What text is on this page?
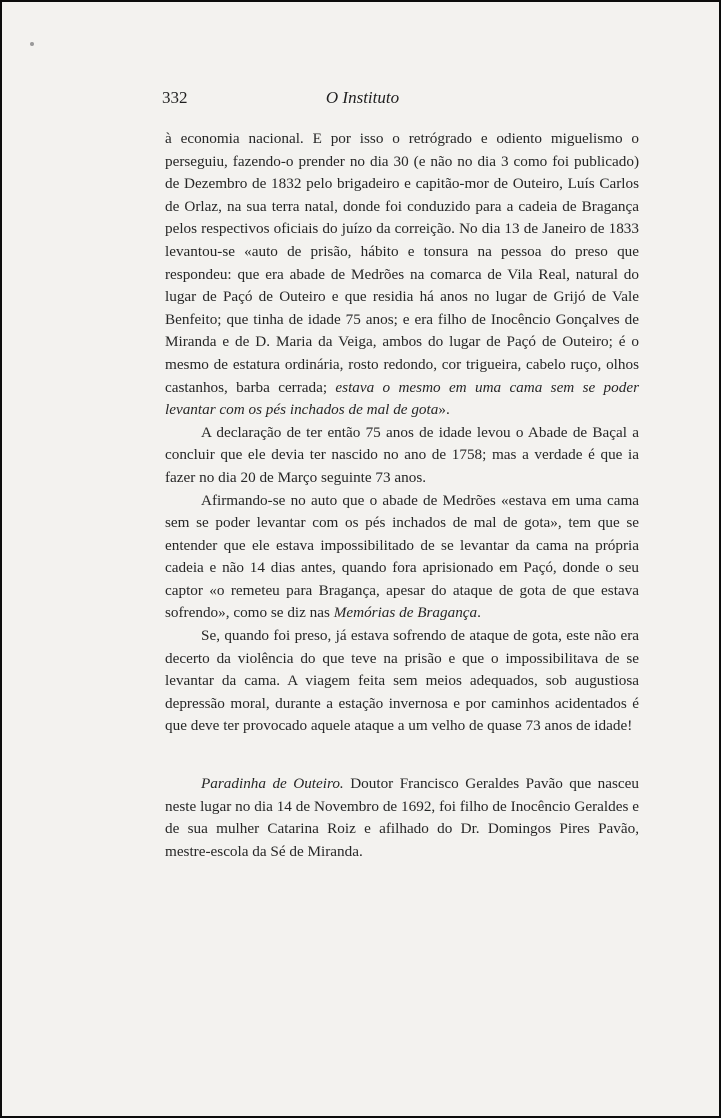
332	O Instituto

à economia nacional. E por isso o retrógrado e odiento miguelismo o perseguiu, fazendo-o prender no dia 30 (e não no dia 3 como foi publicado) de Dezembro de 1832 pelo brigadeiro e capitão-mor de Outeiro, Luís Carlos de Orlaz, na sua terra natal, donde foi conduzido para a cadeia de Bragança pelos respectivos oficiais do juízo da correição. No dia 13 de Janeiro de 1833 levantou-se «auto de prisão, hábito e tonsura na pessoa do preso que respondeu: que era abade de Medrões na comarca de Vila Real, natural do lugar de Paçó de Outeiro e que residia há anos no lugar de Grijó de Vale Benfeito; que tinha de idade 75 anos; e era filho de Inocêncio Gonçalves de Miranda e de D. Maria da Veiga, ambos do lugar de Paçó de Outeiro; é o mesmo de estatura ordinária, rosto redondo, cor trigueira, cabelo ruço, olhos castanhos, barba cerrada; estava o mesmo em uma cama sem se poder levantar com os pés inchados de mal de gota».

A declaração de ter então 75 anos de idade levou o Abade de Baçal a concluir que ele devia ter nascido no ano de 1758; mas a verdade é que ia fazer no dia 20 de Março seguinte 73 anos.

Afirmando-se no auto que o abade de Medrões «estava em uma cama sem se poder levantar com os pés inchados de mal de gota», tem que se entender que ele estava impossibilitado de se levantar da cama na própria cadeia e não 14 dias antes, quando fora aprisionado em Paçó, donde o seu captor «o remeteu para Bragança, apesar do ataque de gota de que estava sofrendo», como se diz nas Memórias de Bragança.

Se, quando foi preso, já estava sofrendo de ataque de gota, este não era decerto da violência do que teve na prisão e que o impossibilitava de se levantar da cama. A viagem feita sem meios adequados, sob augustiosa depressão moral, durante a estação invernosa e por caminhos acidentados é que deve ter provocado aquele ataque a um velho de quase 73 anos de idade!

Paradinha de Outeiro. Doutor Francisco Geraldes Pavão que nasceu neste lugar no dia 14 de Novembro de 1692, foi filho de Inocêncio Geraldes e de sua mulher Catarina Roiz e afilhado do Dr. Domingos Pires Pavão, mestre-escola da Sé de Miranda.
